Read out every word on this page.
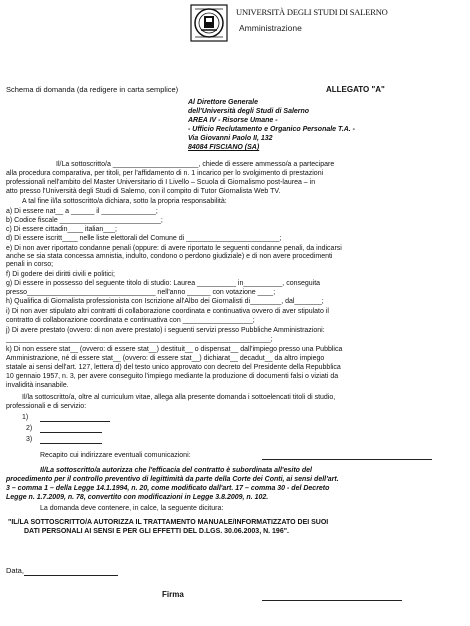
UNIVERSITÀ DEGLI STUDI DI SALERNO
Amministrazione
Schema di domanda (da redigere in carta semplice)	ALLEGATO "A"
Al Direttore Generale
dell'Università degli Studi di Salerno
AREA IV - Risorse Umane -
- Ufficio Reclutamento e Organico Personale T.A. -
Via Giovanni Paolo II, 132
84084 FISCIANO (SA)
Il/La sottoscritto/a ______________________, chiede di essere ammesso/a a partecipare
alla procedura comparativa, per titoli, per l'affidamento di n. 1 incarico per lo svolgimento di prestazioni
professionali nell'ambito del Master Universitario di I Livello – Scuola di Giornalismo post-laurea – in
atto presso l'Università degli Studi di Salerno, con il compito di Tutor Giornalista Web TV.
A tal fine il/la sottoscritto/a dichiara, sotto la propria responsabilità:
a) Di essere nat__ a ______ il ______________;
b) Codice fiscale __________________________;
c) Di essere cittadin____ italian___;
d) Di essere iscritt____ nelle liste elettorali del Comune di ________________________;
e) Di non aver riportato condanne penali (oppure: di avere riportato le seguenti condanne penali, da indicarsi
anche se sia stata concessa amnistia, indulto, condono o perdono giudiziale) e di non avere procedimenti
penali in corso;
f) Di godere dei diritti civili e politici;
g) Di essere in possesso del seguente titolo di studio: Laurea __________ in__________, conseguita
presso_________________________________ nell'anno ______ con votazione ____;
h) Qualifica di Giornalista professionista con Iscrizione all'Albo dei Giornalisti di________, dal_______;
i) Di non aver stipulato altri contratti di collaborazione coordinata e continuativa ovvero di aver stipulato il
contratto di collaborazione coordinata e continuativa con __________________;
j) Di avere prestato (ovvero: di non avere prestato) i seguenti servizi presso Pubbliche Amministrazioni:
____________________________________________________________________;
k) Di non essere stat__ (ovvero: di essere stat__) destituit__ o dispensat__ dall'impiego presso una Pubblica
Amministrazione, né di essere stat__ (ovvero: di essere stat__) dichiarat__ decadut__ da altro impiego
statale ai sensi dell'art. 127, lettera d) del testo unico approvato con decreto del Presidente della Repubblica
10 gennaio 1957, n. 3, per avere conseguito l'impiego mediante la produzione di documenti falsi o viziati da
invalidità insanabile.
Il/la sottoscritto/a, oltre al curriculum vitae, allega alla presente domanda i sottoelencati titoli di studio,
professionali e di servizio:
1)
2)
3)
Recapito cui indirizzare eventuali comunicazioni:
Il/La sottoscritto/a autorizza che l'efficacia del contratto è subordinata all'esito del
procedimento per il controllo preventivo di legittimità da parte della Corte dei Conti, ai sensi dell'art.
3 – comma 1 – della Legge 14.1.1994, n. 20, come modificato dall'art. 17 – comma 30 - del Decreto
Legge n. 1.7.2009, n. 78, convertito con modificazioni in Legge 3.8.2009, n. 102.
La domanda deve contenere, in calce, la seguente dicitura:
"IL/LA SOTTOSCRITTO/A AUTORIZZA IL TRATTAMENTO MANUALE/INFORMATIZZATO DEI SUOI
DATI PERSONALI AI SENSI E PER GLI EFFETTI DEL D.LGS. 30.06.2003, N. 196".
Data,
Firma
